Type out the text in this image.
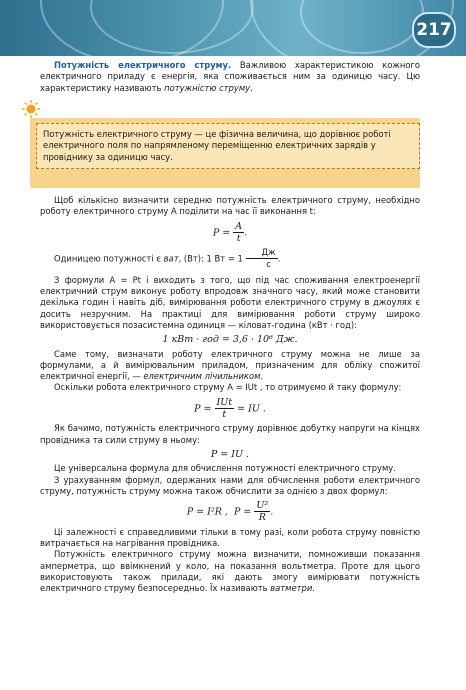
217

Потужність електричного струму. Важливою характеристикою кожного електричного приладу є енергія, яка споживається ним за одиницю часу. Цю характеристику називають потужністю струму.

Потужність електричного струму — це фізична величина, що дорівнює роботі електричного поля по напрямленому переміщенню електричних зарядів у провіднику за одиницю часу.

Щоб кількісно визначити середню потужність електричного струму, необхідно роботу електричного струму A поділити на час її виконання t:

$P = \frac{A}{t}$ .

Одиницею потужності є ват, (Вт): 1 Вт = $1 \frac{Дж}{с}$ .

З формули A = Pt і виходить з того, що під час споживання електроенергії електричний струм виконує роботу впродовж значного часу, який може становити декілька годин і навіть діб, вимірювання роботи електричного струму в джоулях є досить незручним. На практиці для вимірювання роботи струму широко використовується позасистемна одиниця — кіловат-година (кВт · год):

1 кВт · год = 3,6 · 10⁶ Дж.

Саме тому, визначати роботу електричного струму можна не лише за формулами, а й вимірювальним приладом, призначеним для обліку спожитої електричної енергії, — електричним лічильником.

Оскільки робота електричного струму A = IUt , то отримуємо й таку формулу:

$P = \frac{\text{IUt}}{t}$ = IU .

Як бачимо, потужність електричного струму дорівнює добутку напруги на кінцях провідника та сили струму в ньому:

P = IU .

Це універсальна формула для обчислення потужності електричного струму.

З урахуванням формул, одержаних нами для обчислення роботи електричного струму, потужність струму можна також обчислити за однією з двох формул:

P = I²R , $P = \frac{\text{U²}}{R}$ .

Ці залежності є справедливими тільки в тому разі, коли робота струму повністю витрачається на нагрівання провідника.

Потужність електричного струму можна визначити, помноживши показання амперметра, що ввімкнений у коло, на показання вольтметра. Проте для цього використовують також прилади, які дають змогу вимірювати потужність електричного струму безпосередньо. Їх називають ватметри.
